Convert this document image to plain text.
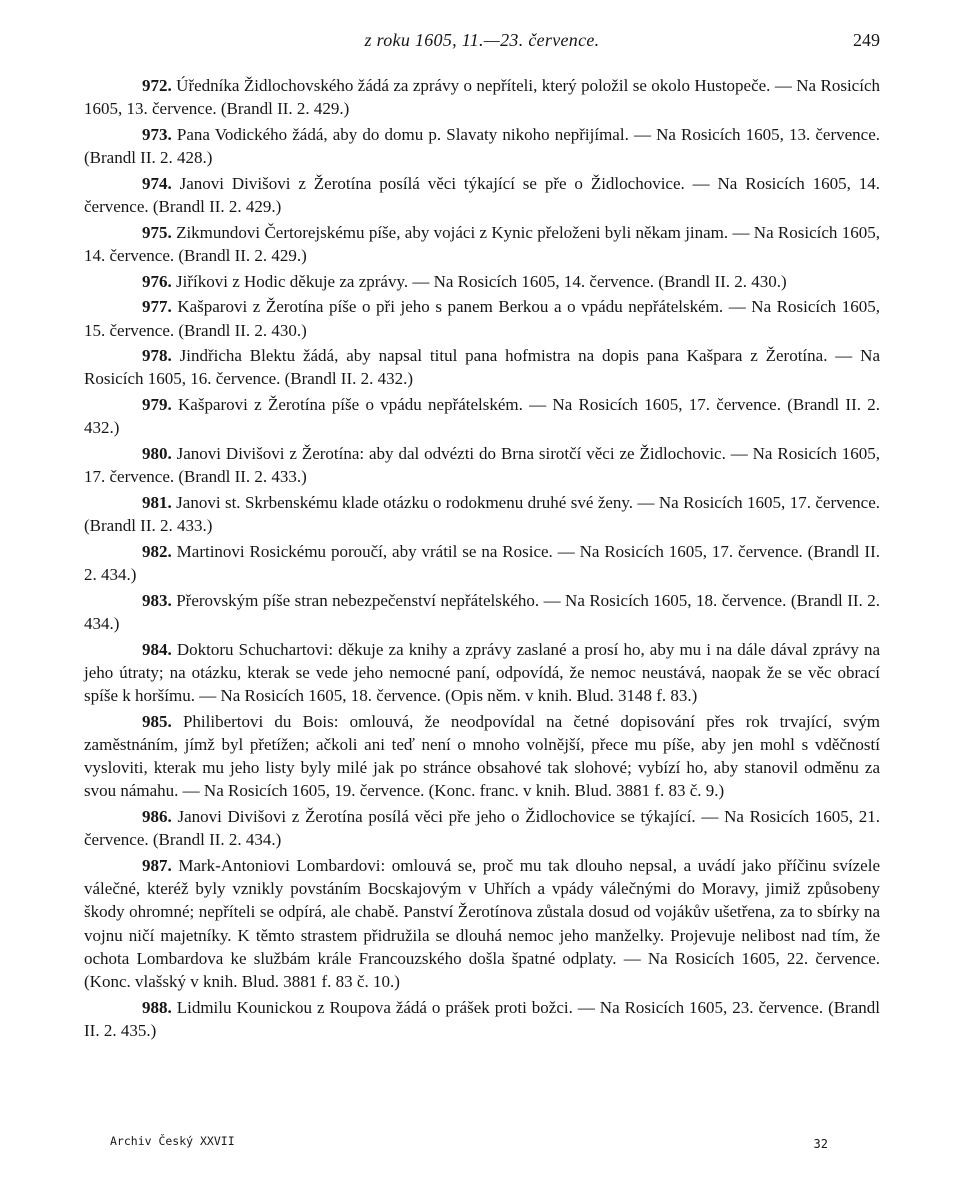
z roku 1605, 11.—23. července.	249

972. Úředníka Židlochovského žádá za zprávy o nepříteli, který položil se okolo Hustopeče. — Na Rosicích 1605, 13. července. (Brandl II. 2. 429.)

973. Pana Vodického žádá, aby do domu p. Slavaty nikoho nepřijímal. — Na Rosicích 1605, 13. července. (Brandl II. 2. 428.)

974. Janovi Divišovi z Žerotína posílá věci týkající se pře o Židlochovice. — Na Rosicích 1605, 14. července. (Brandl II. 2. 429.)

975. Zikmundovi Čertorejskému píše, aby vojáci z Kynic přeloženi byli někam jinam. — Na Rosicích 1605, 14. července. (Brandl II. 2. 429.)

976. Jiříkovi z Hodic děkuje za zprávy. — Na Rosicích 1605, 14. července. (Brandl II. 2. 430.)

977. Kašparovi z Žerotína píše o při jeho s panem Berkou a o vpádu nepřátelském. — Na Rosicích 1605, 15. července. (Brandl II. 2. 430.)

978. Jindřicha Blektu žádá, aby napsal titul pana hofmistra na dopis pana Kašpara z Žerotína. — Na Rosicích 1605, 16. července. (Brandl II. 2. 432.)

979. Kašparovi z Žerotína píše o vpádu nepřátelském. — Na Rosicích 1605, 17. července. (Brandl II. 2. 432.)

980. Janovi Divišovi z Žerotína: aby dal odvézti do Brna sirotčí věci ze Židlochovic. — Na Rosicích 1605, 17. července. (Brandl II. 2. 433.)

981. Janovi st. Skrbenskému klade otázku o rodokmenu druhé své ženy. — Na Rosicích 1605, 17. července. (Brandl II. 2. 433.)

982. Martinovi Rosickému poroučí, aby vrátil se na Rosice. — Na Rosicích 1605, 17. července. (Brandl II. 2. 434.)

983. Přerovským píše stran nebezpečenství nepřátelského. — Na Rosicích 1605, 18. července. (Brandl II. 2. 434.)

984. Doktoru Schuchartovi: děkuje za knihy a zprávy zaslané a prosí ho, aby mu i na dále dával zprávy na jeho útraty; na otázku, kterak se vede jeho nemocné paní, odpovídá, že nemoc neustává, naopak že se věc obrací spíše k horšímu. — Na Rosicích 1605, 18. července. (Opis něm. v knih. Blud. 3148 f. 83.)

985. Philibertovi du Bois: omlouvá, že neodpovídal na četné dopisování přes rok trvající, svým zaměstnáním, jímž byl přetížen; ačkoli ani teď není o mnoho volnější, přece mu píše, aby jen mohl s vděčností vysloviti, kterak mu jeho listy byly milé jak po stránce obsahové tak slohové; vybízí ho, aby stanovil odměnu za svou námahu. — Na Rosicích 1605, 19. července. (Konc. franc. v knih. Blud. 3881 f. 83 č. 9.)

986. Janovi Divišovi z Žerotína posílá věci pře jeho o Židlochovice se týkající. — Na Rosicích 1605, 21. července. (Brandl II. 2. 434.)

987. Mark-Antoniovi Lombardovi: omlouvá se, proč mu tak dlouho nepsal, a uvádí jako příčinu svízele válečné, kteréž byly vznikly povstáním Bocskajovým v Uhřích a vpády válečnými do Moravy, jimiž způsobeny škody ohromné; nepříteli se odpírá, ale chabě. Panství Žerotínova zůstala dosud od vojákův ušetřena, za to sbírky na vojnu ničí majetníky. K těmto strastem přidružila se dlouhá nemoc jeho manželky. Projevuje nelibost nad tím, že ochota Lombardova ke službám krále Francouzského došla špatné odplaty. — Na Rosicích 1605, 22. července. (Konc. vlašský v knih. Blud. 3881 f. 83 č. 10.)

988. Lidmilu Kounickou z Roupova žádá o prášek proti božci. — Na Rosicích 1605, 23. července. (Brandl II. 2. 435.)

Archiv Český XXVII	32
